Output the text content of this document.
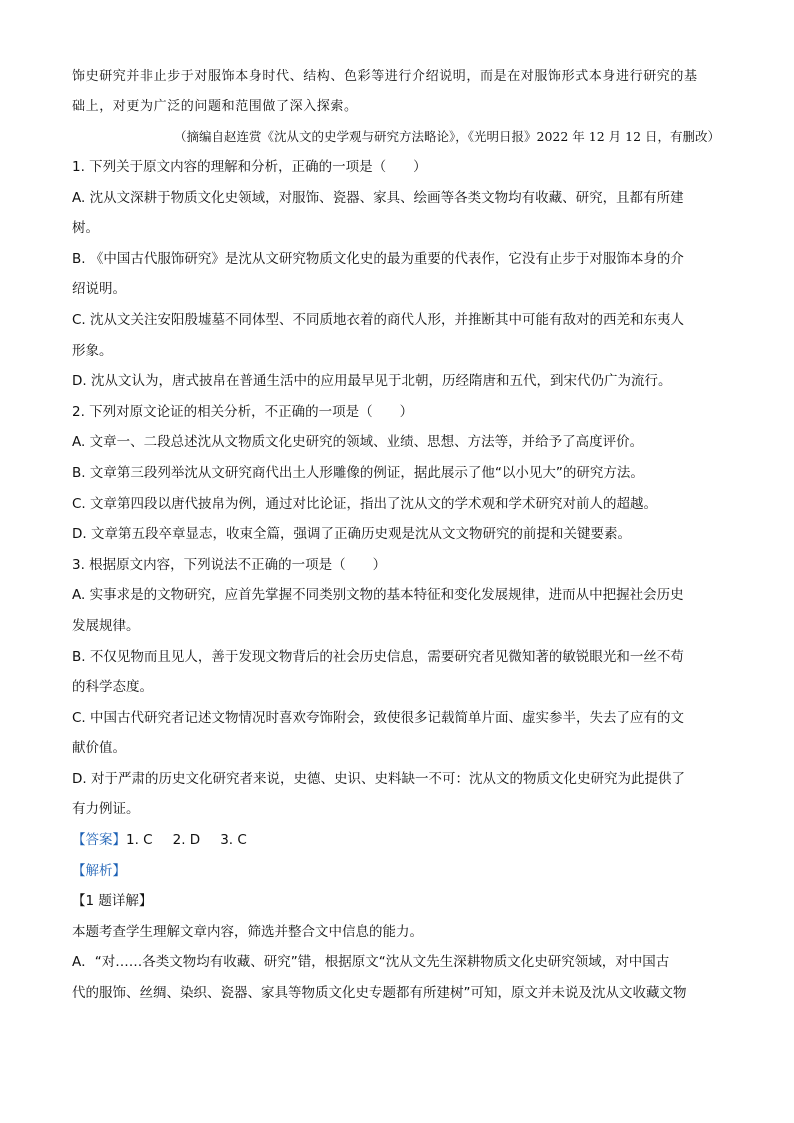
饰史研究并非止步于对服饰本身时代、结构、色彩等进行介绍说明，而是在对服饰形式本身进行研究的基
础上，对更为广泛的问题和范围做了深入探索。
（摘编自赵连赏《沈从文的史学观与研究方法略论》，《光明日报》2022 年 12 月 12 日，有删改）

1. 下列关于原文内容的理解和分析，正确的一项是（　　）

A. 沈从文深耕于物质文化史领域，对服饰、瓷器、家具、绘画等各类文物均有收藏、研究，且都有所建

树。

B. 《中国古代服饰研究》是沈从文研究物质文化史的最为重要的代表作，它没有止步于对服饰本身的介

绍说明。

C. 沈从文关注安阳殷墟墓不同体型、不同质地衣着的商代人形，并推断其中可能有敌对的西羌和东夷人

形象。

D. 沈从文认为，唐式披帛在普通生活中的应用最早见于北朝，历经隋唐和五代，到宋代仍广为流行。

2. 下列对原文论证的相关分析，不正确的一项是（　　）

A. 文章一、二段总述沈从文物质文化史研究的领域、业绩、思想、方法等，并给予了高度评价。

B. 文章第三段列举沈从文研究商代出土人形雕像的例证，据此展示了他“以小见大”的研究方法。

C. 文章第四段以唐代披帛为例，通过对比论证，指出了沈从文的学术观和学术研究对前人的超越。

D. 文章第五段卒章显志，收束全篇，强调了正确历史观是沈从文文物研究的前提和关键要素。

3. 根据原文内容，下列说法不正确的一项是（　　）

A. 实事求是的文物研究，应首先掌握不同类别文物的基本特征和变化发展规律，进而从中把握社会历史

发展规律。

B. 不仅见物而且见人，善于发现文物背后的社会历史信息，需要研究者见微知著的敏锐眼光和一丝不苟

的科学态度。

C. 中国古代研究者记述文物情况时喜欢夸饰附会，致使很多记载简单片面、虚实参半，失去了应有的文

献价值。

D. 对于严肃的历史文化研究者来说，史德、史识、史料缺一不可：沈从文的物质文化史研究为此提供了

有力例证。

【答案】1. C 2. D 3. C

【解析】

【1 题详解】

本题考查学生理解文章内容，筛选并整合文中信息的能力。

A．“对……各类文物均有收藏、研究”错，根据原文“沈从文先生深耕物质文化史研究领域，对中国古

代的服饰、丝绸、染织、瓷器、家具等物质文化史专题都有所建树”可知，原文并未说及沈从文收藏文物
